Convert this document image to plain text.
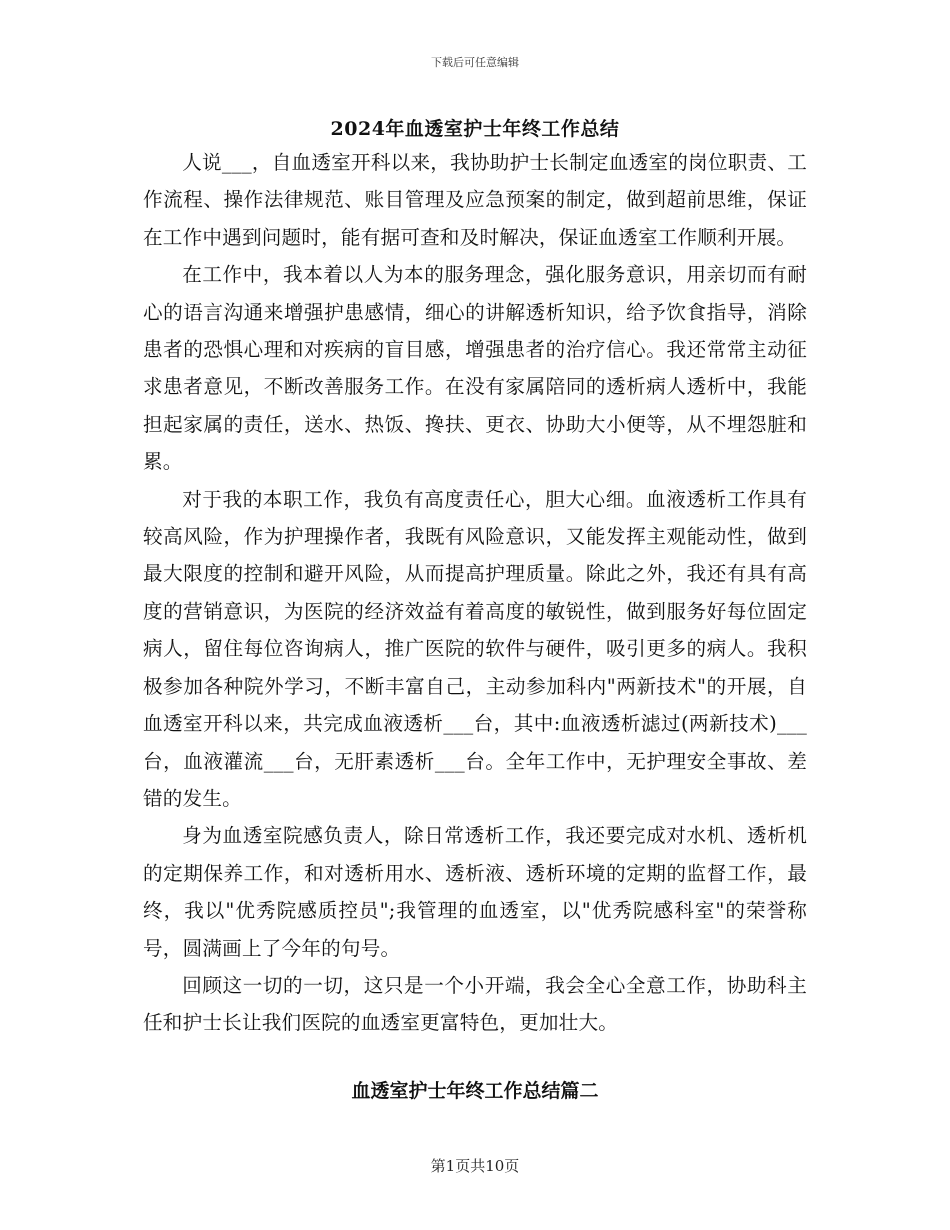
下载后可任意编辑
2024年血透室护士年终工作总结

人说___，自血透室开科以来，我协助护士长制定血透室的岗位职责、工作流程、操作法律规范、账目管理及应急预案的制定，做到超前思维，保证在工作中遇到问题时，能有据可查和及时解决，保证血透室工作顺利开展。

在工作中，我本着以人为本的服务理念，强化服务意识，用亲切而有耐心的语言沟通来增强护患感情，细心的讲解透析知识，给予饮食指导，消除患者的恐惧心理和对疾病的盲目感，增强患者的治疗信心。我还常常主动征求患者意见，不断改善服务工作。在没有家属陪同的透析病人透析中，我能担起家属的责任，送水、热饭、搀扶、更衣、协助大小便等，从不埋怨脏和累。

对于我的本职工作，我负有高度责任心，胆大心细。血液透析工作具有较高风险，作为护理操作者，我既有风险意识，又能发挥主观能动性，做到最大限度的控制和避开风险，从而提高护理质量。除此之外，我还有具有高度的营销意识，为医院的经济效益有着高度的敏锐性，做到服务好每位固定病人，留住每位咨询病人，推广医院的软件与硬件，吸引更多的病人。我积极参加各种院外学习，不断丰富自己，主动参加科内"两新技术"的开展，自血透室开科以来，共完成血液透析___台，其中:血液透析滤过(两新技术)___台，血液灌流___台，无肝素透析___台。全年工作中，无护理安全事故、差错的发生。

身为血透室院感负责人，除日常透析工作，我还要完成对水机、透析机的定期保养工作，和对透析用水、透析液、透析环境的定期的监督工作，最终，我以"优秀院感质控员";我管理的血透室，以"优秀院感科室"的荣誉称号，圆满画上了今年的句号。

回顾这一切的一切，这只是一个小开端，我会全心全意工作，协助科主任和护士长让我们医院的血透室更富特色，更加壮大。

血透室护士年终工作总结篇二
第1页共10页
